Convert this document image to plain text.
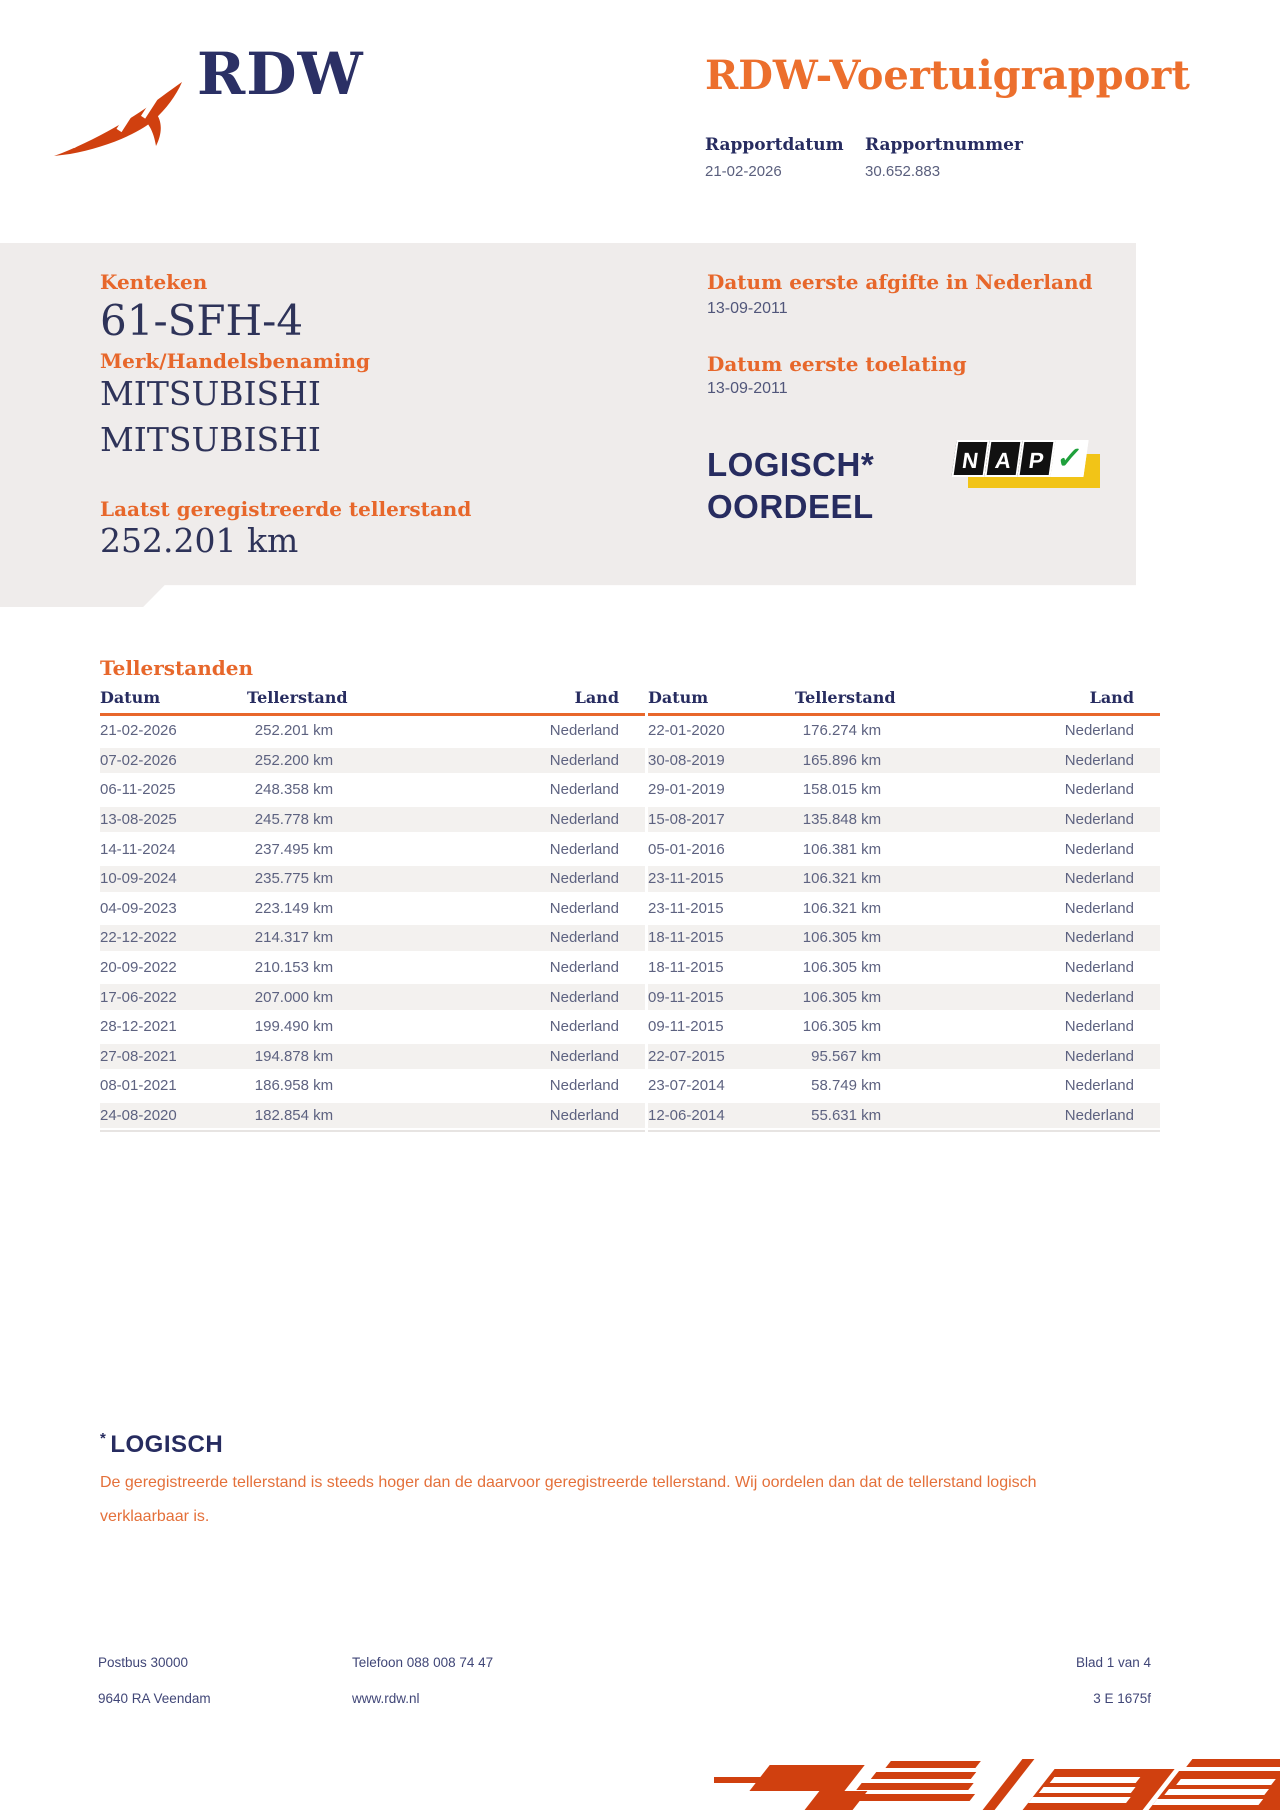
RDW	RDW-Voertuigrapport
Rapportdatum Rapportnummer
21-02-2026	30.652.883
Kenteken
61-SFH-4
Merk/Handelsbenaming
MITSUBISHI
MITSUBISHI
Laatst geregistreerde tellerstand
252.201 km
Datum eerste afgifte in Nederland
13-09-2011
Datum eerste toelating
13-09-2011
LOGISCH*
OORDEEL
N A P ✓
Tellerstanden
Datum	Tellerstand	Land
21-02-2026	252.201 km	Nederland
07-02-2026	252.200 km	Nederland
06-11-2025	248.358 km	Nederland
13-08-2025	245.778 km	Nederland
14-11-2024	237.495 km	Nederland
10-09-2024	235.775 km	Nederland
04-09-2023	223.149 km	Nederland
22-12-2022	214.317 km	Nederland
20-09-2022	210.153 km	Nederland
17-06-2022	207.000 km	Nederland
28-12-2021	199.490 km	Nederland
27-08-2021	194.878 km	Nederland
08-01-2021	186.958 km	Nederland
24-08-2020	182.854 km	Nederland
Datum	Tellerstand	Land
22-01-2020	176.274 km	Nederland
30-08-2019	165.896 km	Nederland
29-01-2019	158.015 km	Nederland
15-08-2017	135.848 km	Nederland
05-01-2016	106.381 km	Nederland
23-11-2015	106.321 km	Nederland
23-11-2015	106.321 km	Nederland
18-11-2015	106.305 km	Nederland
18-11-2015	106.305 km	Nederland
09-11-2015	106.305 km	Nederland
09-11-2015	106.305 km	Nederland
22-07-2015	95.567 km	Nederland
23-07-2014	58.749 km	Nederland
12-06-2014	55.631 km	Nederland
* LOGISCH
De geregistreerde tellerstand is steeds hoger dan de daarvoor geregistreerde tellerstand. Wij oordelen dan dat de tellerstand logisch verklaarbaar is.
Postbus 30000	Telefoon 088 008 74 47	Blad 1 van 4
9640 RA Veendam	www.rdw.nl	3 E 1675f
